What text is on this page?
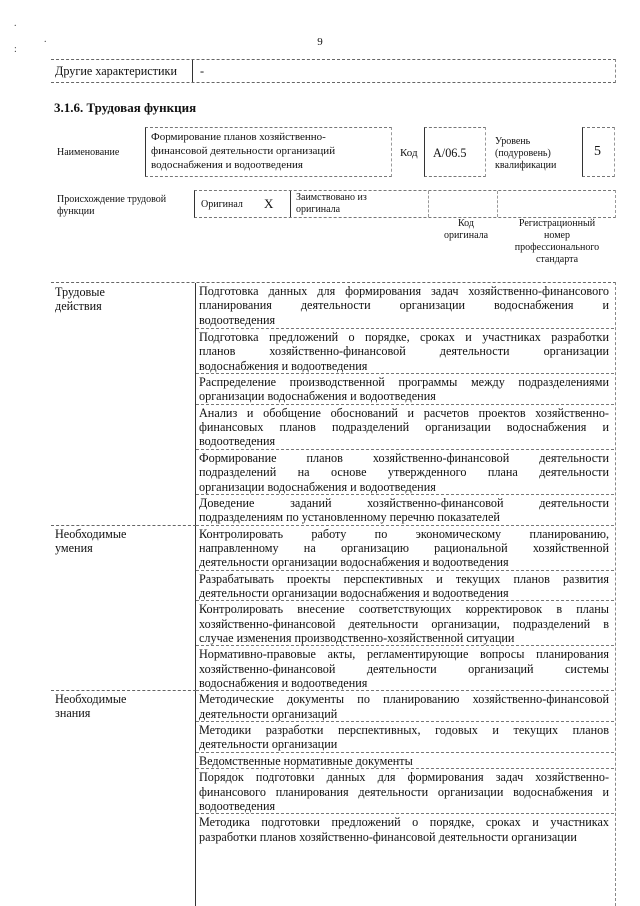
.
.
:
9
Другие характеристики -
3.1.6. Трудовая функция
Наименование
Формирование планов хозяйственно-
финансовой деятельности организаций
водоснабжения и водоотведения
Код A/06.5
Уровень
(подуровень)
квалификации
5
Происхождение трудовой
функции
Оригинал X Заимствовано из
оригинала
Код
оригинала
Регистрационный
номер
профессионального
стандарта
Трудовые действия
Подготовка данных для формирования задач хозяйственно-финансового
планирования деятельности организации водоснабжения и
водоотведения
Подготовка предложений о порядке, сроках и участниках разработки
планов хозяйственно-финансовой деятельности организации
водоснабжения и водоотведения
Распределение производственной программы между подразделениями
организации водоснабжения и водоотведения
Анализ и обобщение обоснований и расчетов проектов хозяйственно-
финансовых планов подразделений организации водоснабжения и
водоотведения
Формирование планов хозяйственно-финансовой деятельности
подразделений на основе утвержденного плана деятельности
организации водоснабжения и водоотведения
Доведение заданий хозяйственно-финансовой деятельности
подразделениям по установленному перечню показателей
Необходимые умения
Контролировать работу по экономическому планированию,
направленному на организацию рациональной хозяйственной
деятельности организации водоснабжения и водоотведения
Разрабатывать проекты перспективных и текущих планов развития
деятельности организации водоснабжения и водоотведения
Контролировать внесение соответствующих корректировок в планы
хозяйственно-финансовой деятельности организации, подразделений в
случае изменения производственно-хозяйственной ситуации
Нормативно-правовые акты, регламентирующие вопросы планирования
хозяйственно-финансовой деятельности организаций системы
водоснабжения и водоотведения
Необходимые знания
Методические документы по планированию хозяйственно-финансовой
деятельности организаций
Методики разработки перспективных, годовых и текущих планов
деятельности организации
Ведомственные нормативные документы
Порядок подготовки данных для формирования задач хозяйственно-
финансового планирования деятельности организации водоснабжения и
водоотведения
Методика подготовки предложений о порядке, сроках и участниках
разработки планов хозяйственно-финансовой деятельности организации
